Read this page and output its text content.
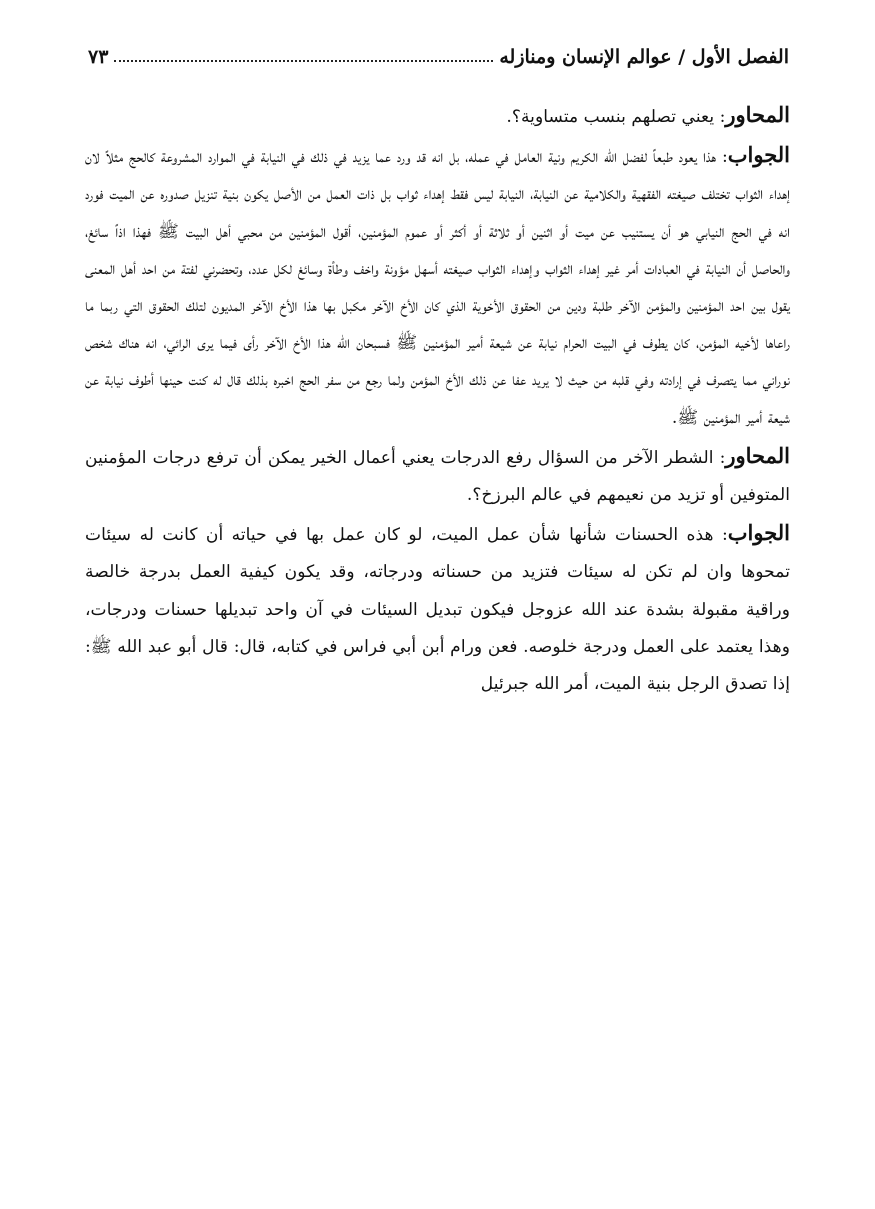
الفصل الأول / عوالم الإنسان ومنازله
٧٣

المحاور: يعني تصلهم بنسب متساوية؟.

الجواب: هذا يعود طبعاً لفضل الله الكريم ونية العامل في عمله، بل انه قد ورد عما يزيد في ذلك في النيابة في الموارد المشروعة كالحج مثلاً لان إهداء الثواب تختلف صيغته الفقهية والكلامية عن النيابة، النيابة ليس فقط إهداء ثواب بل ذات العمل من الأصل يكون بنية تنزيل صدوره عن الميت فورد انه في الحج النيابي هو أن يستنيب عن ميت أو اثنين أو ثلاثة أو أكثر أو عموم المؤمنين، أقول المؤمنين من محبي أهل البيت ﷺ فهذا اذاً سائغ، والحاصل أن النيابة في العبادات أمر غير إهداء الثواب وإهداء الثواب صيغته أسهل مؤونة واخف وطأة وسائغ لكل عدد، وتحضرني لفتة من احد أهل المعنى يقول بين احد المؤمنين والمؤمن الآخر طلبة ودين من الحقوق الأخوية الذي كان الأخ الآخر مكبل بها هذا الأخ الآخر المديون لتلك الحقوق التي ربما ما راعاها لأخيه المؤمن، كان يطوف في البيت الحرام نيابة عن شيعة أمير المؤمنين ﷺ فسبحان الله هذا الأخ الآخر رأى فيما يرى الرائي، انه هناك شخص نوراني مما يتصرف في إرادته وفي قلبه من حيث لا يريد عفا عن ذلك الأخ المؤمن ولما رجع من سفر الحج اخبره بذلك قال له كنت حينها أطوف نيابة عن شيعة أمير المؤمنين ﷺ.

المحاور: الشطر الآخر من السؤال رفع الدرجات يعني أعمال الخير يمكن أن ترفع درجات المؤمنين المتوفين أو تزيد من نعيمهم في عالم البرزخ؟.

الجواب: هذه الحسنات شأنها شأن عمل الميت، لو كان عمل بها في حياته أن كانت له سيئات تمحوها وان لم تكن له سيئات فتزيد من حسناته ودرجاته، وقد يكون كيفية العمل بدرجة خالصة وراقية مقبولة بشدة عند الله عزوجل فيكون تبديل السيئات في آن واحد تبديلها حسنات ودرجات، وهذا يعتمد على العمل ودرجة خلوصه. فعن ورام أبن أبي فراس في كتابه، قال: قال أبو عبد الله ﷺ: إذا تصدق الرجل بنية الميت، أمر الله جبرئيل
